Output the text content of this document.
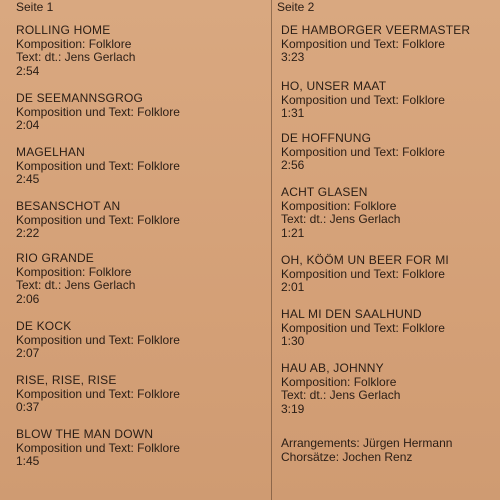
Seite 1
ROLLING HOME
Komposition: Folklore
Text: dt.: Jens Gerlach
2:54
DE SEEMANNSGROG
Komposition und Text: Folklore
2:04
MAGELHAN
Komposition und Text: Folklore
2:45
BESANSCHOT AN
Komposition und Text: Folklore
2:22
RIO GRANDE
Komposition: Folklore
Text: dt.: Jens Gerlach
2:06
DE KOCK
Komposition und Text: Folklore
2:07
RISE, RISE, RISE
Komposition und Text: Folklore
0:37
BLOW THE MAN DOWN
Komposition und Text: Folklore
1:45
Seite 2
Arrangements: Jürgen Hermann
Chorsätze: Jochen Renz
DE HAMBORGER VEERMASTER
Komposition und Text: Folklore
3:23
HO, UNSER MAAT
Komposition und Text: Folklore
1:31
DE HOFFNUNG
Komposition und Text: Folklore
2:56
ACHT GLASEN
Komposition: Folklore
Text: dt.: Jens Gerlach
1:21
OH, KÖÖM UN BEER FOR MI
Komposition und Text: Folklore
2:01
HAL MI DEN SAALHUND
Komposition und Text: Folklore
1:30
HAU AB, JOHNNY
Komposition: Folklore
Text: dt.: Jens Gerlach
3:19
